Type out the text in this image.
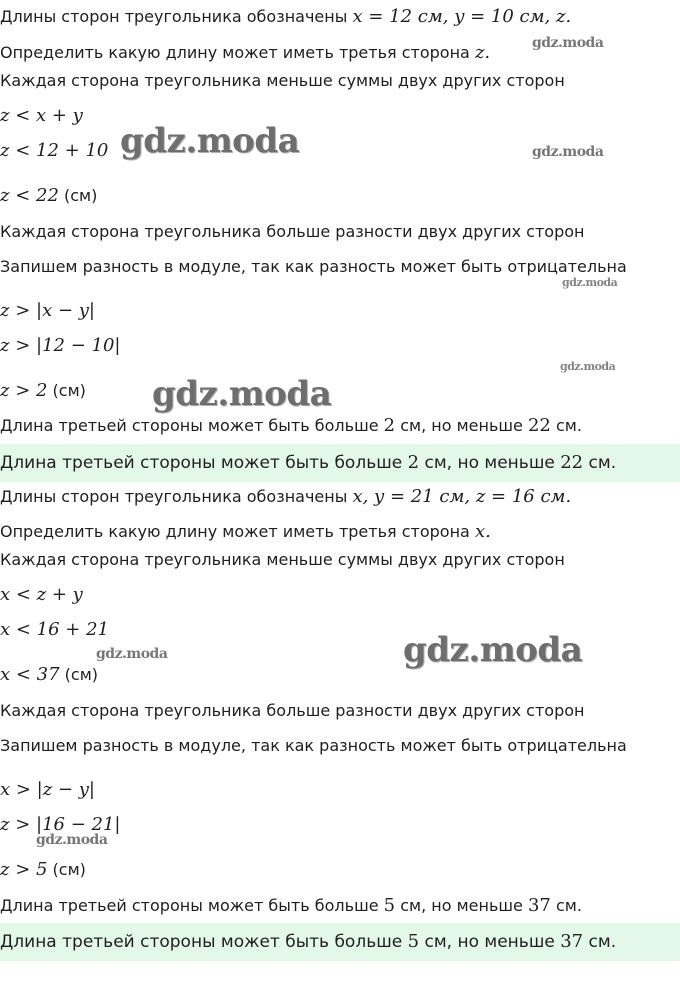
Длины сторон треугольника обозначены x = 12 см, y = 10 см, z.
Определить какую длину может иметь третья сторона z.
Каждая сторона треугольника меньше суммы двух других сторон
z < x + y
z < 12 + 10
z < 22 (см)
Каждая сторона треугольника больше разности двух других сторон
Запишем разность в модуле, так как разность может быть отрицательна
z > |x − y|
z > |12 − 10|
z > 2 (см)
Длина третьей стороны может быть больше 2 см, но меньше 22 см.
Длина третьей стороны может быть больше 2 см, но меньше 22 см.
Длины сторон треугольника обозначены x, y = 21 см, z = 16 см.
Определить какую длину может иметь третья сторона x.
Каждая сторона треугольника меньше суммы двух других сторон
x < z + y
x < 16 + 21
x < 37 (см)
Каждая сторона треугольника больше разности двух других сторон
Запишем разность в модуле, так как разность может быть отрицательна
x > |z − y|
z > |16 − 21|
z > 5 (см)
Длина третьей стороны может быть больше 5 см, но меньше 37 см.
Длина третьей стороны может быть больше 5 см, но меньше 37 см.
gdz.moda
gdz.moda	gdz.moda
gdz.moda
gdz.moda
gdz.moda
gdz.moda
gdz.moda
gdz.moda
